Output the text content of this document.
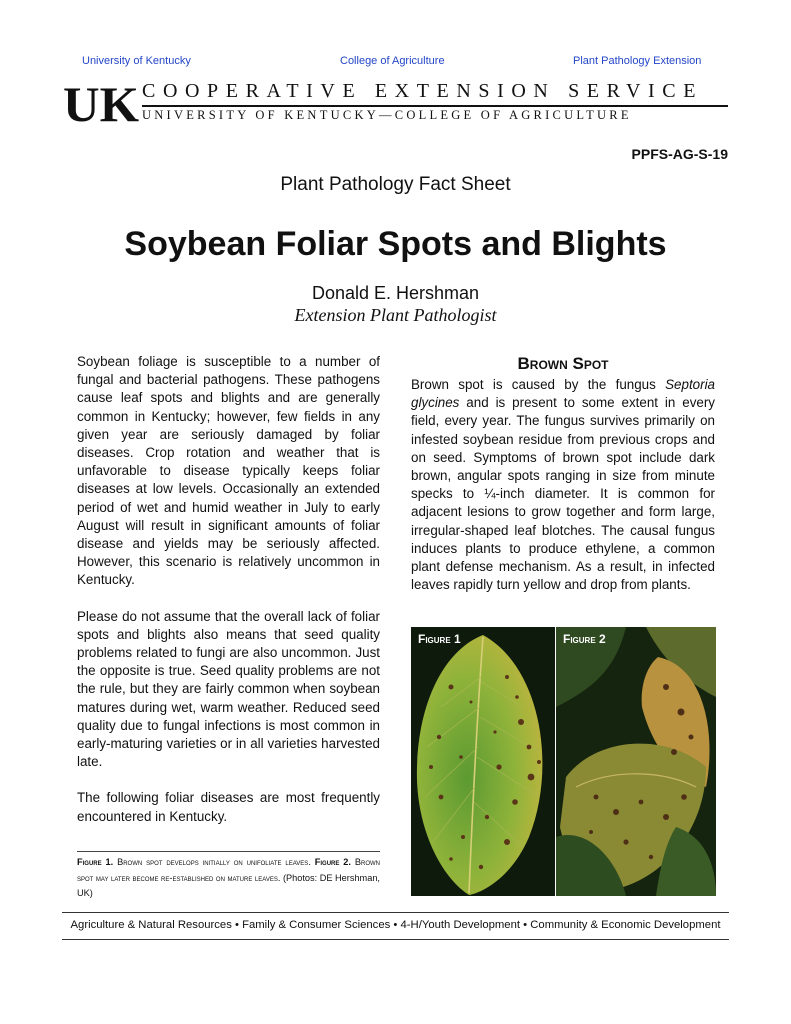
University of Kentucky	College of Agriculture	Plant Pathology Extension
UK COOPERATIVE EXTENSION SERVICE
UNIVERSITY OF KENTUCKY—COLLEGE OF AGRICULTURE
PPFS-AG-S-19
Plant Pathology Fact Sheet
Soybean Foliar Spots and Blights
Donald E. Hershman
Extension Plant Pathologist

Soybean foliage is susceptible to a number of fungal and bacterial pathogens. These pathogens cause leaf spots and blights and are generally common in Kentucky; however, few fields in any given year are seriously damaged by foliar diseases. Crop rotation and weather that is unfavorable to disease typically keeps foliar diseases at low levels. Occasionally an extended period of wet and humid weather in July to early August will result in significant amounts of foliar disease and yields may be seriously affected. However, this scenario is relatively uncommon in Kentucky.

Please do not assume that the overall lack of foliar spots and blights also means that seed quality problems related to fungi are also uncommon. Just the opposite is true. Seed quality problems are not the rule, but they are fairly common when soybean matures during wet, warm weather. Reduced seed quality due to fungal infections is most common in early-maturing varieties or in all varieties harvested late.

The following foliar diseases are most frequently encountered in Kentucky.

Figure 1. Brown spot develops initially on unifoliate leaves. Figure 2. Brown spot may later become re-established on mature leaves. (Photos: DE Hershman, UK)
Brown Spot

Brown spot is caused by the fungus Septoria glycines and is present to some extent in every field, every year. The fungus survives primarily on infested soybean residue from previous crops and on seed. Symptoms of brown spot include dark brown, angular spots ranging in size from minute specks to ¼-inch diameter. It is common for adjacent lesions to grow together and form large, irregular-shaped leaf blotches. The causal fungus induces plants to produce ethylene, a common plant defense mechanism. As a result, in infected leaves rapidly turn yellow and drop from plants.

Figure 1	Figure 2
Agriculture & Natural Resources • Family & Consumer Sciences • 4-H/Youth Development • Community & Economic Development
